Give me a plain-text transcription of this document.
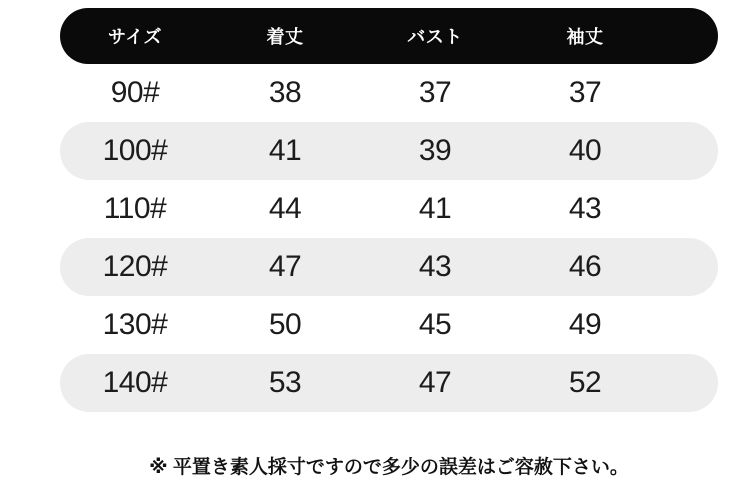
サイズ	着丈	バスト	袖丈
90#	38	37	37
100#	41	39	40
110#	44	41	43
120#	47	43	46
130#	50	45	49
140#	53	47	52
※ 平置き素人採寸ですので多少の誤差はご容赦下さい。
